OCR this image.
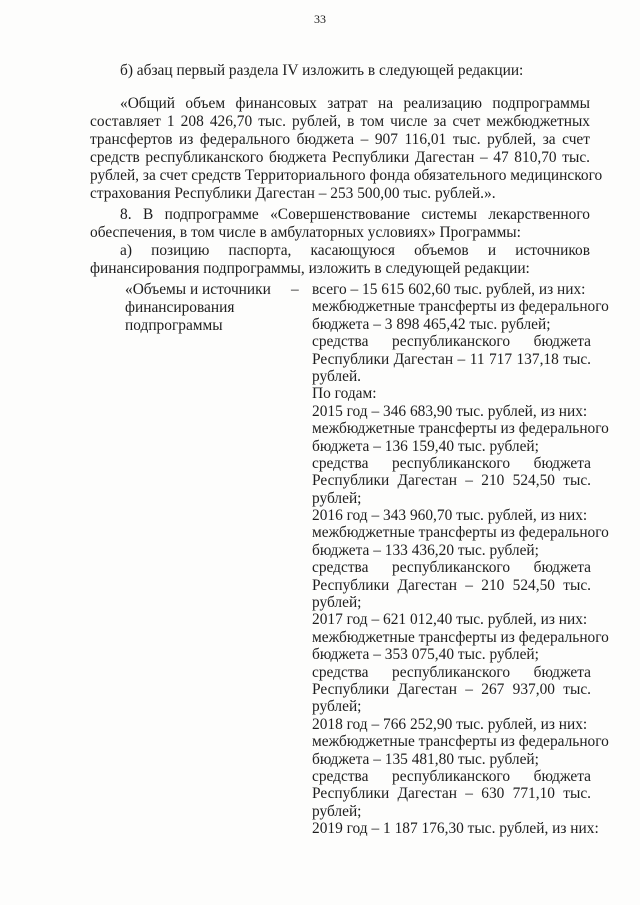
33
б) абзац первый раздела IV изложить в следующей редакции:
«Общий объем финансовых затрат на реализацию подпрограммы
составляет 1 208 426,70 тыс. рублей, в том числе за счет межбюджетных
трансфертов из федерального бюджета – 907 116,01 тыс. рублей, за счет
средств республиканского бюджета Республики Дагестан – 47 810,70 тыс.
рублей, за счет средств Территориального фонда обязательного медицинского
страхования Республики Дагестан – 253 500,00 тыс. рублей.».
8. В подпрограмме «Совершенствование системы лекарственного
обеспечения, в том числе в амбулаторных условиях» Программы:
а) позицию паспорта, касающуюся объемов и источников
финансирования подпрограммы, изложить в следующей редакции:
«Объемы и источники
финансирования
подпрограммы
– всего – 15 615 602,60 тыс. рублей, из них:
межбюджетные трансферты из федерального
бюджета – 3 898 465,42 тыс. рублей;
средства республиканского бюджета
Республики Дагестан – 11 717 137,18 тыс.
рублей.
По годам:
2015 год – 346 683,90 тыс. рублей, из них:
межбюджетные трансферты из федерального
бюджета – 136 159,40 тыс. рублей;
средства республиканского бюджета
Республики Дагестан – 210 524,50 тыс.
рублей;
2016 год – 343 960,70 тыс. рублей, из них:
межбюджетные трансферты из федерального
бюджета – 133 436,20 тыс. рублей;
средства республиканского бюджета
Республики Дагестан – 210 524,50 тыс.
рублей;
2017 год – 621 012,40 тыс. рублей, из них:
межбюджетные трансферты из федерального
бюджета – 353 075,40 тыс. рублей;
средства республиканского бюджета
Республики Дагестан – 267 937,00 тыс.
рублей;
2018 год – 766 252,90 тыс. рублей, из них:
межбюджетные трансферты из федерального
бюджета – 135 481,80 тыс. рублей;
средства республиканского бюджета
Республики Дагестан – 630 771,10 тыс.
рублей;
2019 год – 1 187 176,30 тыс. рублей, из них:
